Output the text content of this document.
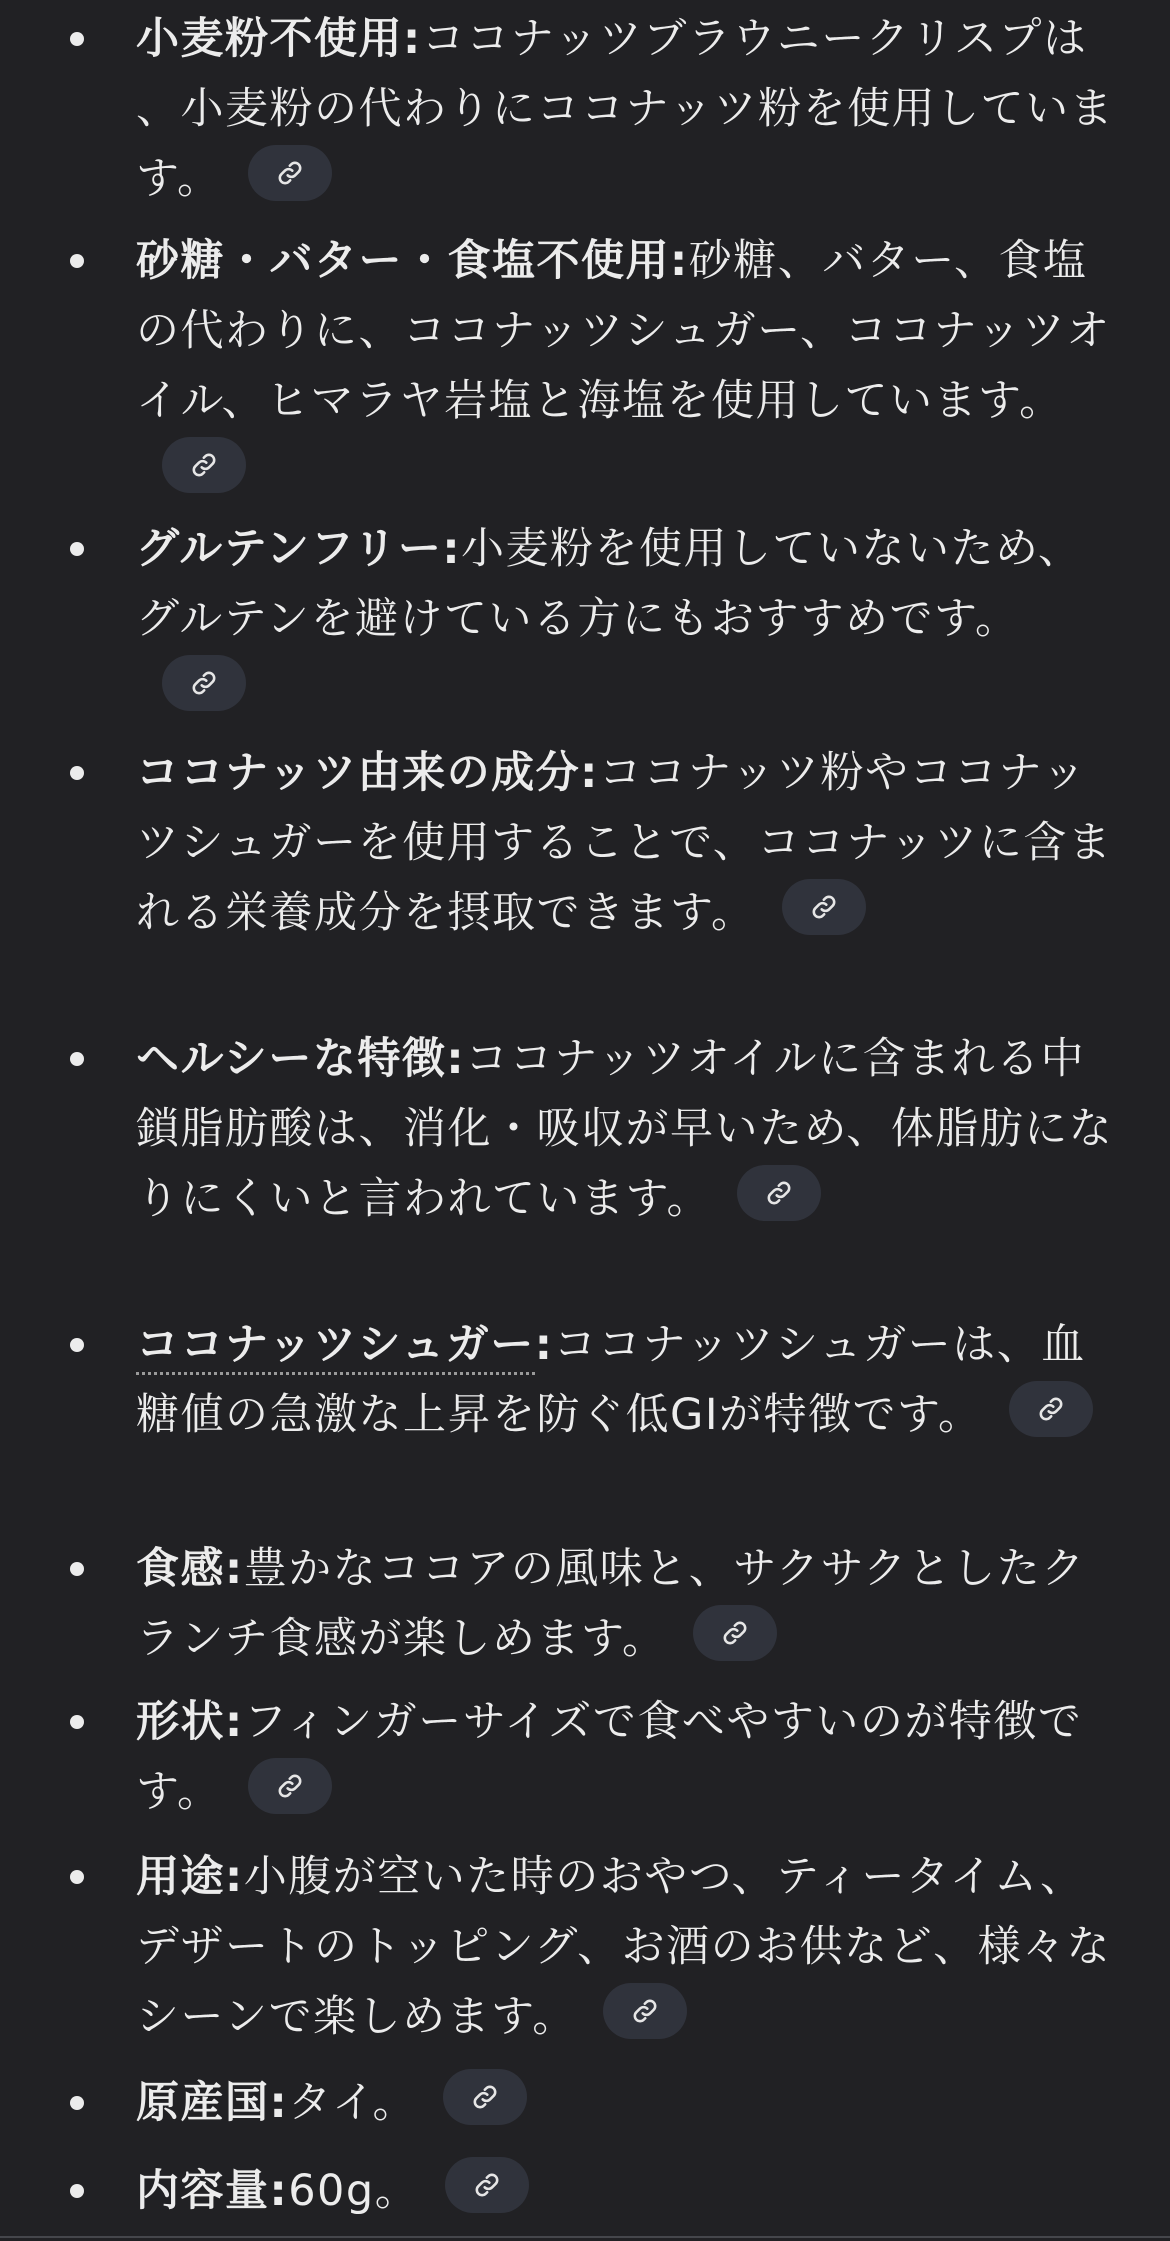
小麦粉不使用:ココナッツブラウニークリスプは、小麦粉の代わりにココナッツ粉を使用しています。
砂糖・バター・食塩不使用:砂糖、バター、食塩の代わりに、ココナッツシュガー、ココナッツオイル、ヒマラヤ岩塩と海塩を使用しています。
グルテンフリー:小麦粉を使用していないため、グルテンを避けている方にもおすすめです。
ココナッツ由来の成分:ココナッツ粉やココナッツシュガーを使用することで、ココナッツに含まれる栄養成分を摂取できます。
ヘルシーな特徴:ココナッツオイルに含まれる中鎖脂肪酸は、消化・吸収が早いため、体脂肪になりにくいと言われています。
ココナッツシュガー:ココナッツシュガーは、血糖値の急激な上昇を防ぐ低GIが特徴です。
食感:豊かなココアの風味と、サクサクとしたクランチ食感が楽しめます。
形状:フィンガーサイズで食べやすいのが特徴です。
用途:小腹が空いた時のおやつ、ティータイム、デザートのトッピング、お酒のお供など、様々なシーンで楽しめます。
原産国:タイ。
内容量:60g。
